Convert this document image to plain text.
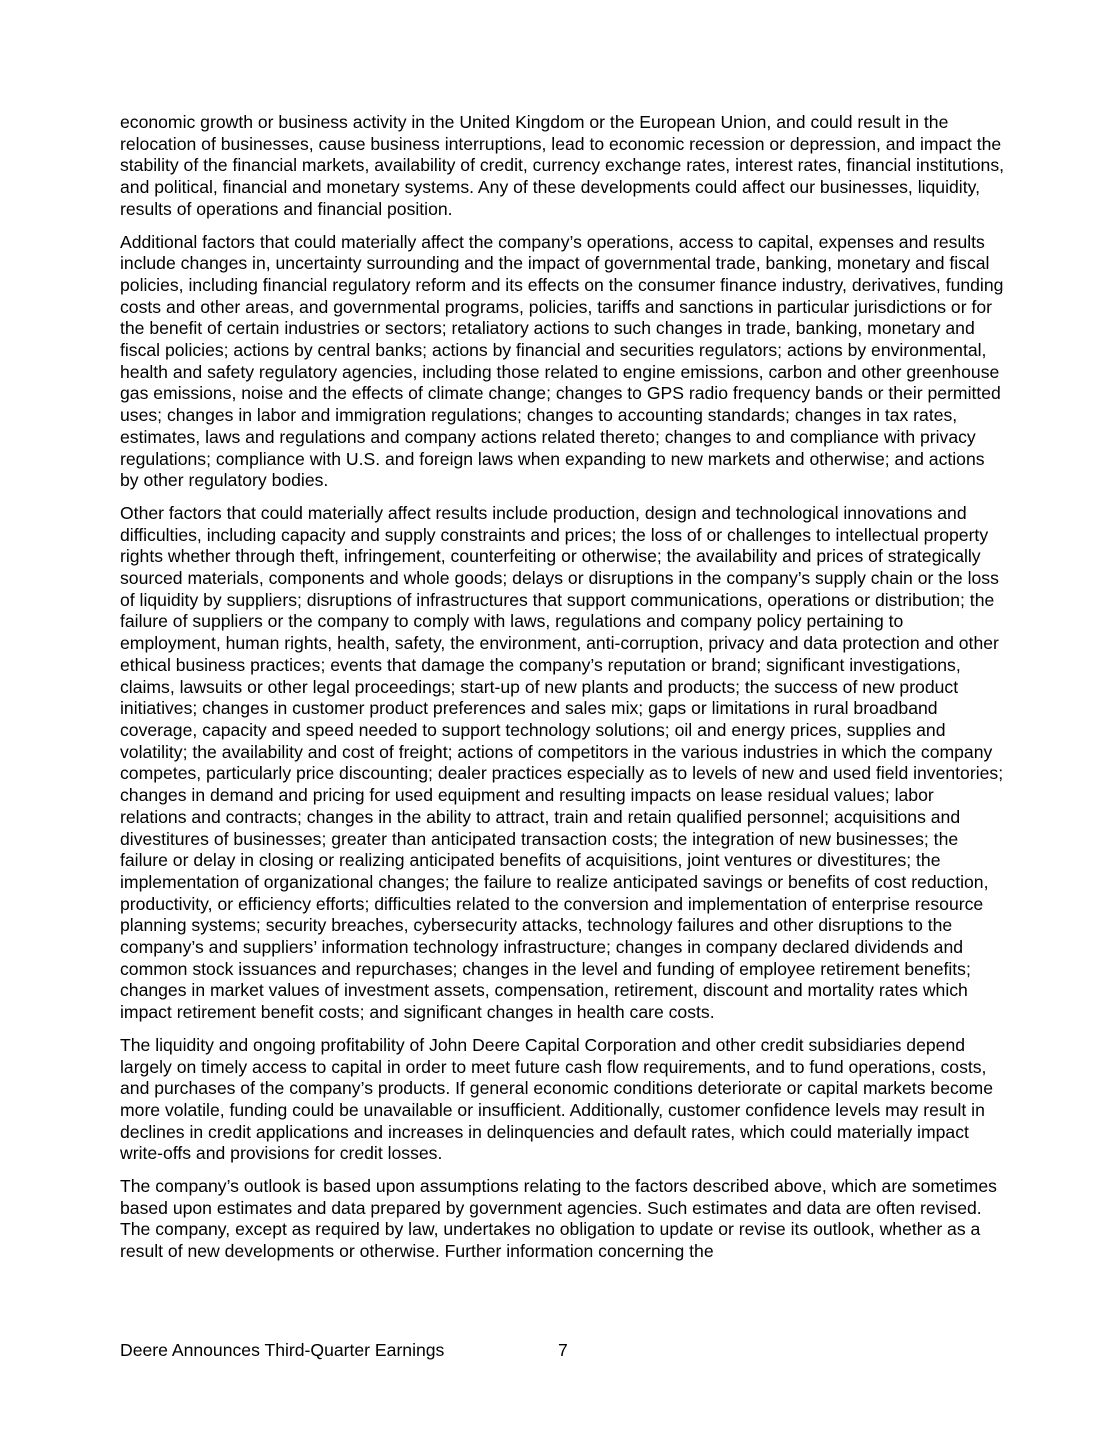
economic growth or business activity in the United Kingdom or the European Union, and could result in the relocation of businesses, cause business interruptions, lead to economic recession or depression, and impact the stability of the financial markets, availability of credit, currency exchange rates, interest rates, financial institutions, and political, financial and monetary systems. Any of these developments could affect our businesses, liquidity, results of operations and financial position.

Additional factors that could materially affect the company’s operations, access to capital, expenses and results include changes in, uncertainty surrounding and the impact of governmental trade, banking, monetary and fiscal policies, including financial regulatory reform and its effects on the consumer finance industry, derivatives, funding costs and other areas, and governmental programs, policies, tariffs and sanctions in particular jurisdictions or for the benefit of certain industries or sectors; retaliatory actions to such changes in trade, banking, monetary and fiscal policies; actions by central banks; actions by financial and securities regulators; actions by environmental, health and safety regulatory agencies, including those related to engine emissions, carbon and other greenhouse gas emissions, noise and the effects of climate change; changes to GPS radio frequency bands or their permitted uses; changes in labor and immigration regulations; changes to accounting standards; changes in tax rates, estimates, laws and regulations and company actions related thereto; changes to and compliance with privacy regulations; compliance with U.S. and foreign laws when expanding to new markets and otherwise; and actions by other regulatory bodies.

Other factors that could materially affect results include production, design and technological innovations and difficulties, including capacity and supply constraints and prices; the loss of or challenges to intellectual property rights whether through theft, infringement, counterfeiting or otherwise; the availability and prices of strategically sourced materials, components and whole goods; delays or disruptions in the company’s supply chain or the loss of liquidity by suppliers; disruptions of infrastructures that support communications, operations or distribution; the failure of suppliers or the company to comply with laws, regulations and company policy pertaining to employment, human rights, health, safety, the environment, anti-corruption, privacy and data protection and other ethical business practices; events that damage the company’s reputation or brand; significant investigations, claims, lawsuits or other legal proceedings; start-up of new plants and products; the success of new product initiatives; changes in customer product preferences and sales mix; gaps or limitations in rural broadband coverage, capacity and speed needed to support technology solutions; oil and energy prices, supplies and volatility; the availability and cost of freight; actions of competitors in the various industries in which the company competes, particularly price discounting; dealer practices especially as to levels of new and used field inventories; changes in demand and pricing for used equipment and resulting impacts on lease residual values; labor relations and contracts; changes in the ability to attract, train and retain qualified personnel; acquisitions and divestitures of businesses; greater than anticipated transaction costs; the integration of new businesses; the failure or delay in closing or realizing anticipated benefits of acquisitions, joint ventures or divestitures; the implementation of organizational changes; the failure to realize anticipated savings or benefits of cost reduction, productivity, or efficiency efforts; difficulties related to the conversion and implementation of enterprise resource planning systems; security breaches, cybersecurity attacks, technology failures and other disruptions to the company’s and suppliers’ information technology infrastructure; changes in company declared dividends and common stock issuances and repurchases; changes in the level and funding of employee retirement benefits; changes in market values of investment assets, compensation, retirement, discount and mortality rates which impact retirement benefit costs; and significant changes in health care costs.

The liquidity and ongoing profitability of John Deere Capital Corporation and other credit subsidiaries depend largely on timely access to capital in order to meet future cash flow requirements, and to fund operations, costs, and purchases of the company’s products. If general economic conditions deteriorate or capital markets become more volatile, funding could be unavailable or insufficient. Additionally, customer confidence levels may result in declines in credit applications and increases in delinquencies and default rates, which could materially impact write-offs and provisions for credit losses.

The company’s outlook is based upon assumptions relating to the factors described above, which are sometimes based upon estimates and data prepared by government agencies. Such estimates and data are often revised. The company, except as required by law, undertakes no obligation to update or revise its outlook, whether as a result of new developments or otherwise. Further information concerning the

Deere Announces Third-Quarter Earnings	7
